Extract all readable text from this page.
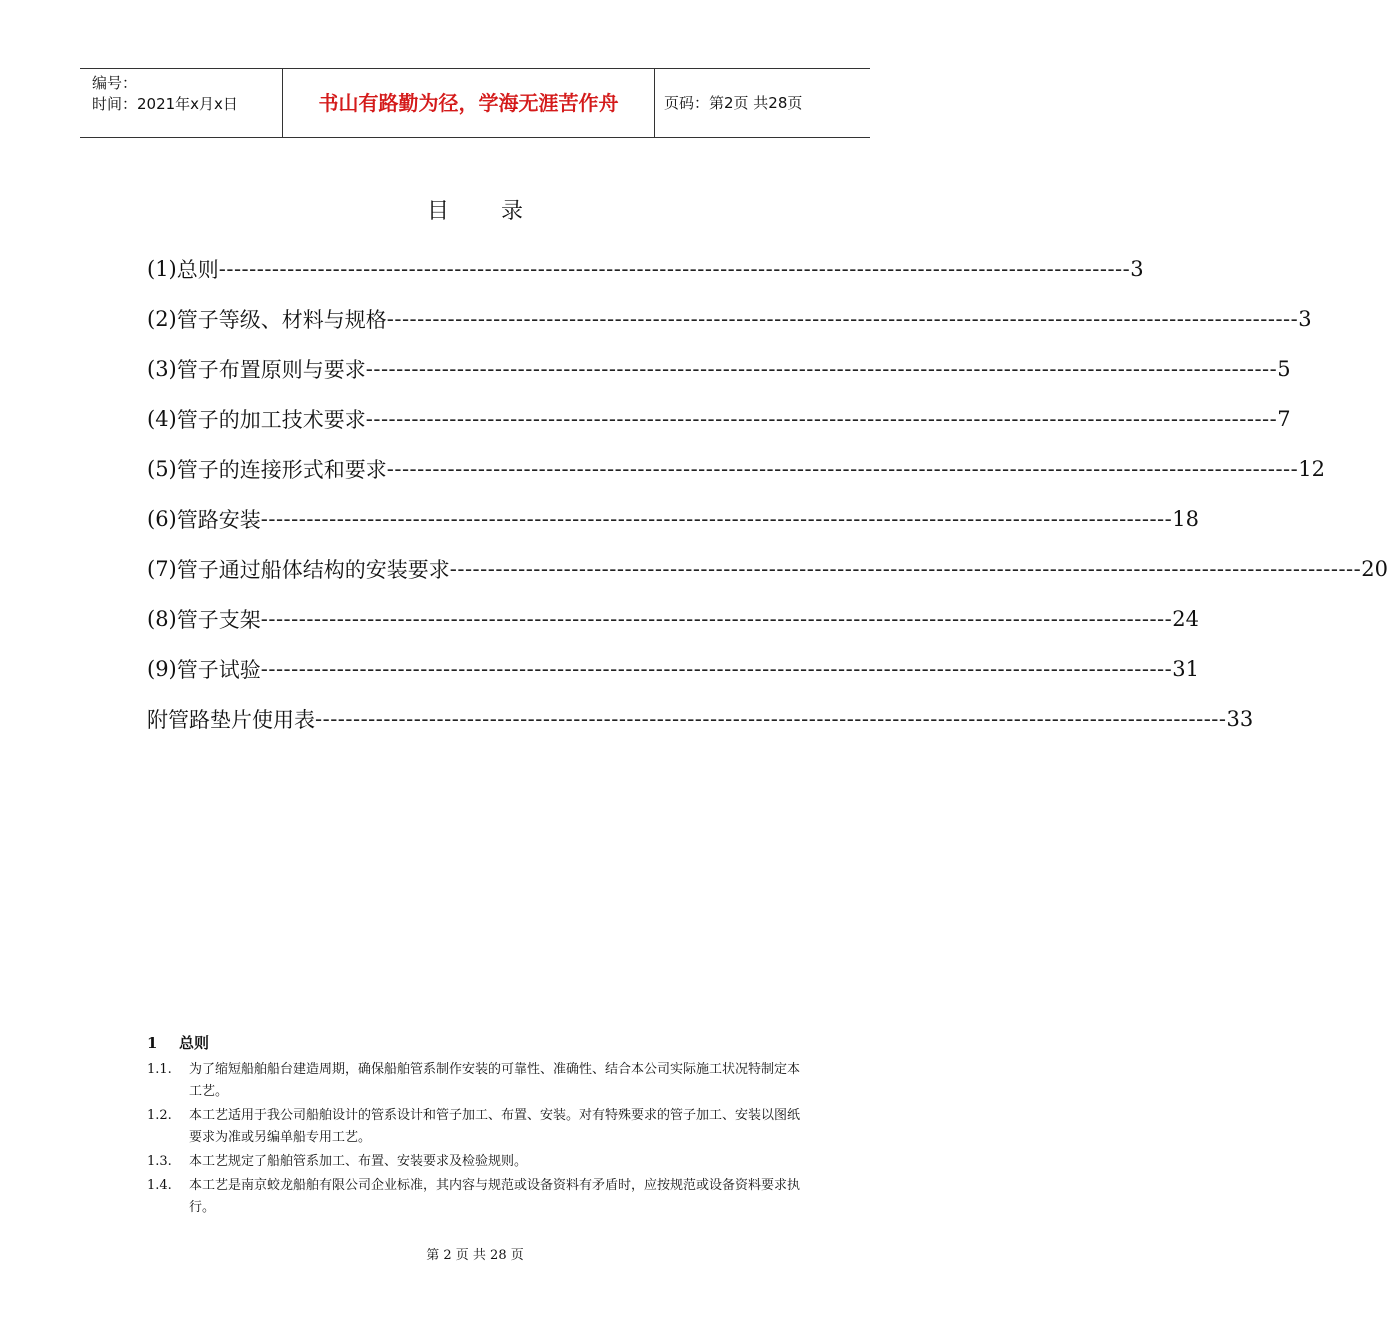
编号：
时间：2021年x月x日	书山有路勤为径，学海无涯苦作舟	页码：第2页 共28页
目 录
(1) 总则 ------------------------------------------------------------------------------------------------------------------------ 3
(2) 管子等级、材料与规格 ------------------------------------------------------------------------------------------------------------------------ 3
(3) 管子布置原则与要求 ------------------------------------------------------------------------------------------------------------------------ 5
(4) 管子的加工技术要求 ------------------------------------------------------------------------------------------------------------------------ 7
(5) 管子的连接形式和要求 ------------------------------------------------------------------------------------------------------------------------ 12
(6) 管路安装 ------------------------------------------------------------------------------------------------------------------------ 18
(7) 管子通过船体结构的安装要求 ------------------------------------------------------------------------------------------------------------------------ 20
(8) 管子支架 ------------------------------------------------------------------------------------------------------------------------ 24
(9) 管子试验 ------------------------------------------------------------------------------------------------------------------------ 31
附管路垫片使用表 ------------------------------------------------------------------------------------------------------------------------ 33
1 总则
1.1.	为了缩短船舶船台建造周期，确保船舶管系制作安装的可靠性、准确性、结合本公司实际施工状况特制定本工艺。
1.2.	本工艺适用于我公司船舶设计的管系设计和管子加工、布置、安装。对有特殊要求的管子加工、安装以图纸要求为准或另编单船专用工艺。
1.3.	本工艺规定了船舶管系加工、布置、安装要求及检验规则。
1.4.	本工艺是南京蛟龙船舶有限公司企业标准，其内容与规范或设备资料有矛盾时，应按规范或设备资料要求执行。
第 2 页 共 28 页
